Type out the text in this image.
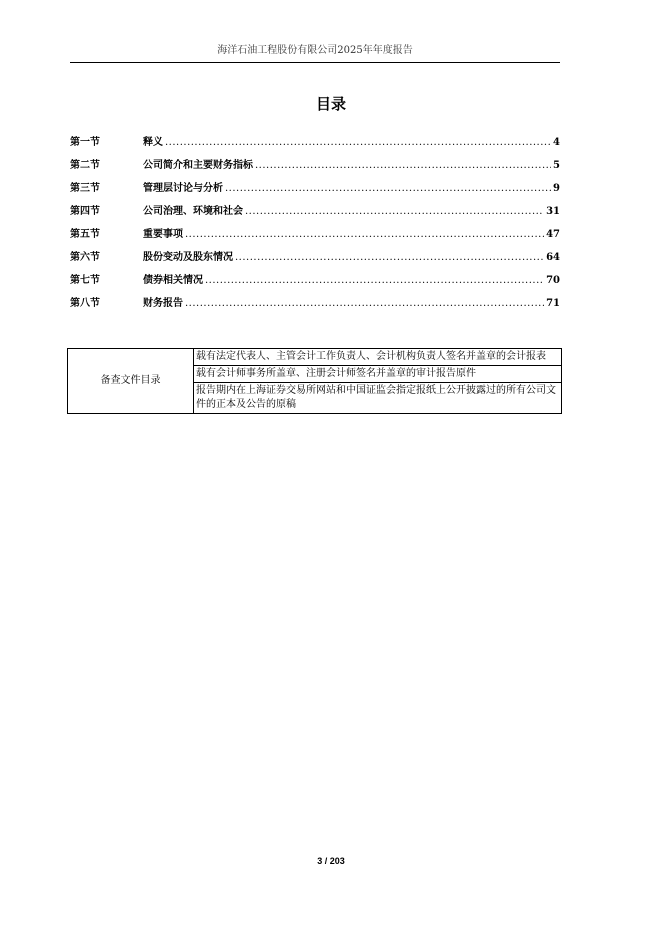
海洋石油工程股份有限公司2025年年度报告
目录
第一节	释义 .....	4
第二节	公司简介和主要财务指标 .....	5
第三节	管理层讨论与分析 .....	9
第四节	公司治理、环境和社会 .....	31
第五节	重要事项 .....	47
第六节	股份变动及股东情况 .....	64
第七节	债券相关情况 .....	70
第八节	财务报告 .....	71
备查文件目录	载有法定代表人、主管会计工作负责人、会计机构负责人签名并盖章的会计报表
载有会计师事务所盖章、注册会计师签名并盖章的审计报告原件
报告期内在上海证券交易所网站和中国证监会指定报纸上公开披露过的所有公司文件的正本及公告的原稿
3 / 203
